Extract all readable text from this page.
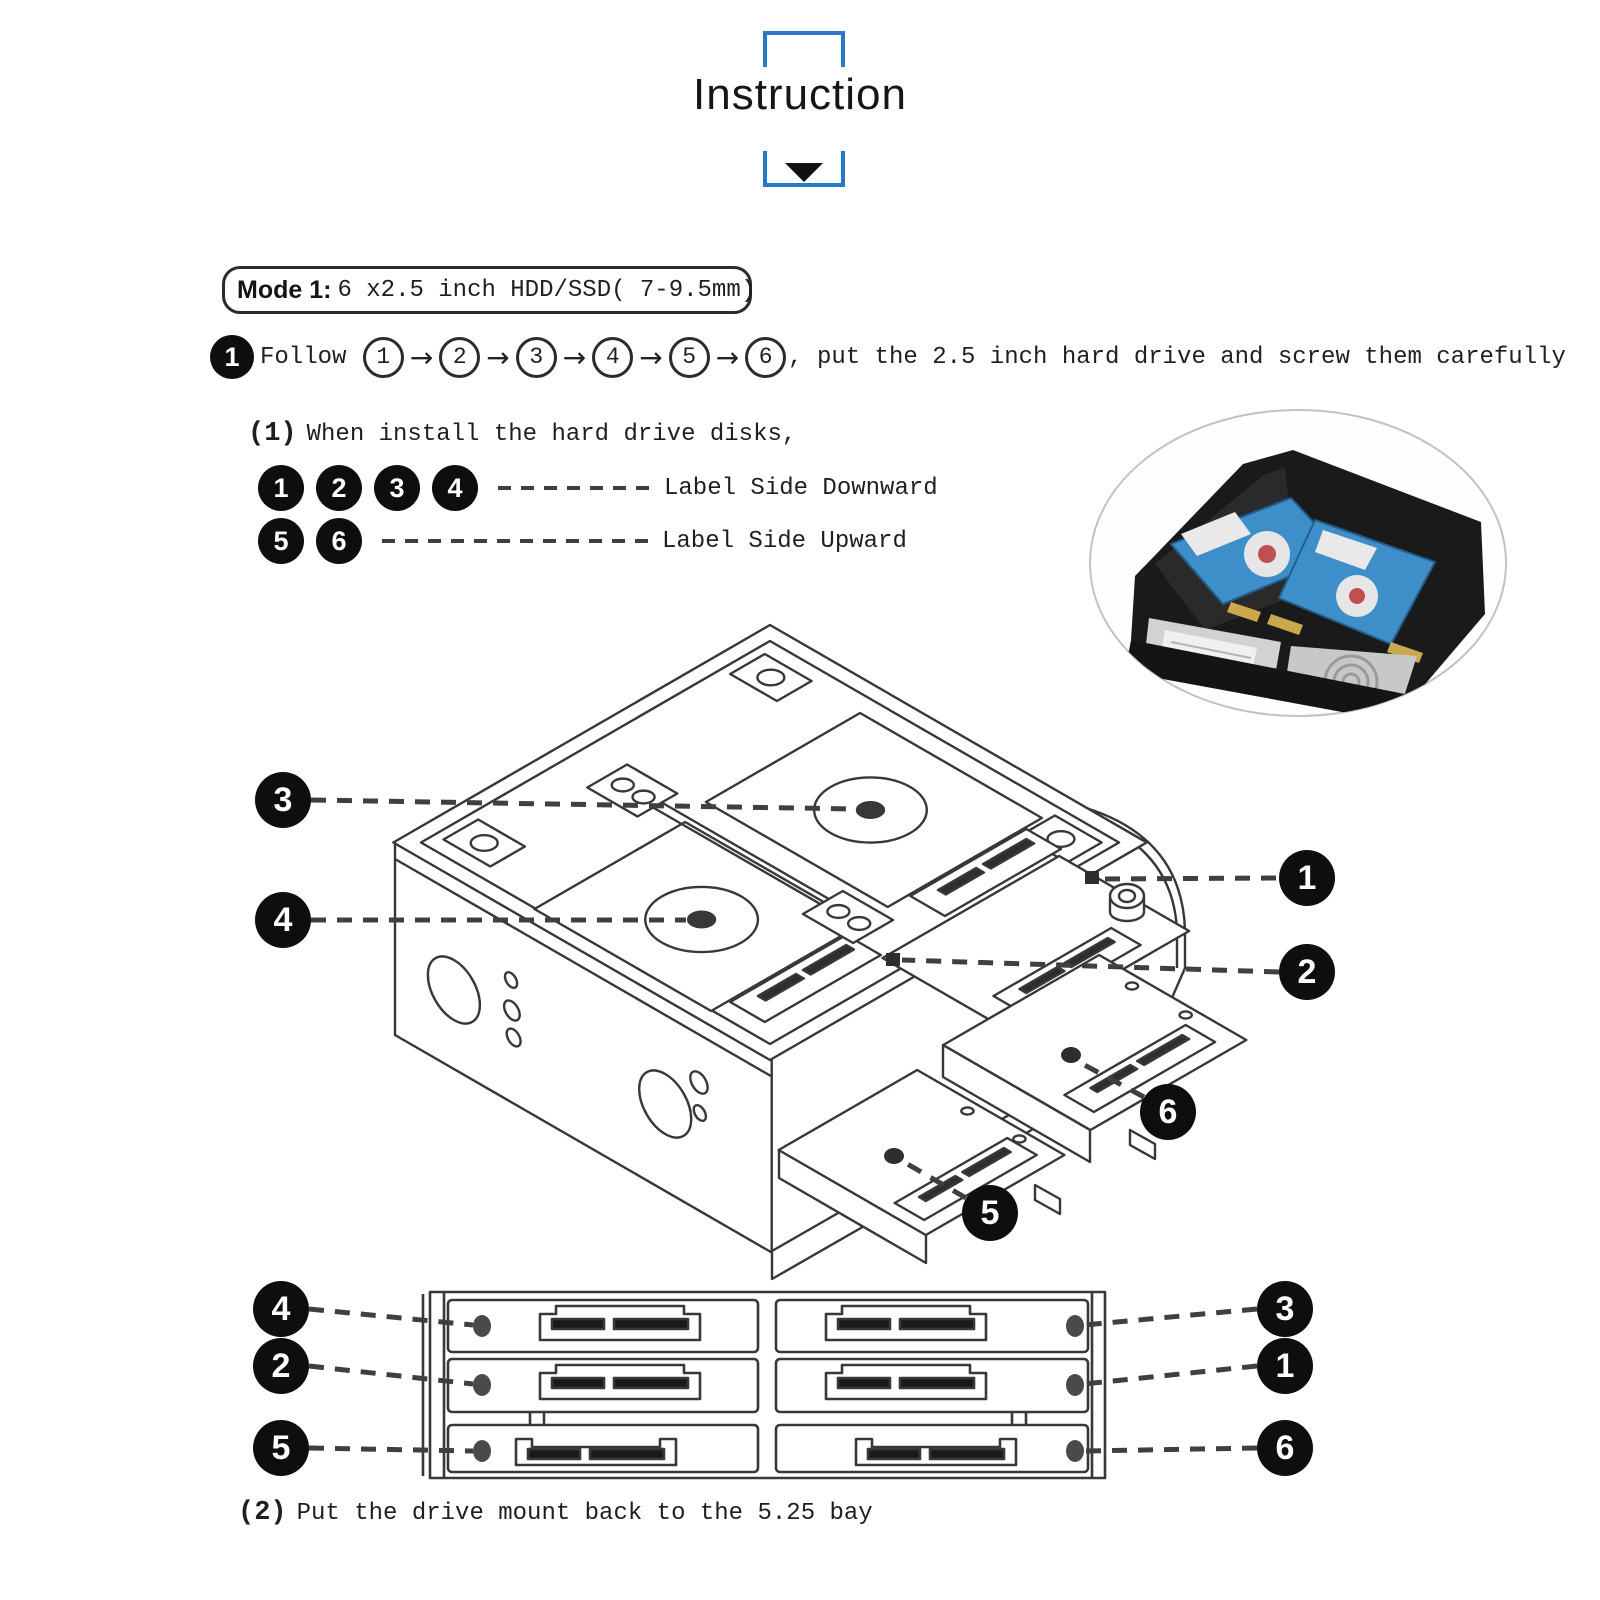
Instruction
Mode 1: 6 x2.5 inch HDD/SSD( 7-9.5mm )
1 Follow 1 → 2 → 3 → 4 → 5 → 6 , put the 2.5 inch hard drive and screw them carefully
(1) When install the hard drive disks,
1	2	3	4	Label Side Downward
5	6	Label Side Upward
3
4
1
2
6
5
4
2
5
3
1
6
(2) Put the drive mount back to the 5.25 bay
